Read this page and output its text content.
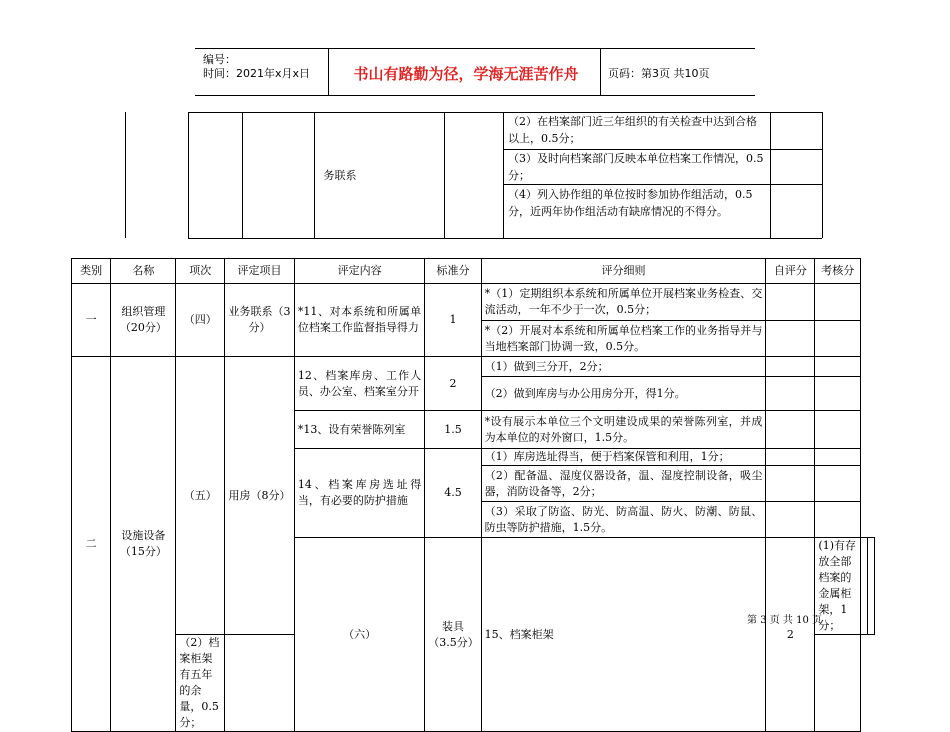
编号：
时间：2021年x月x日	书山有路勤为径，学海无涯苦作舟	页码：第3页 共10页
务联系
（2）在档案部门近三年组织的有关检查中达到合格以上，0.5分；
（3）及时向档案部门反映本单位档案工作情况，0.5分；
（4）列入协作组的单位按时参加协作组活动，0.5分，近两年协作组活动有缺席情况的不得分。
类别	名称	项次	评定项目	评定内容	标准分	评分细则	自评分	考核分		
一	组织管理（20分）	（四）	业务联系（3分）	*11、对本系统和所属单位档案工作监督指导得力	1	*（1）定期组织本系统和所属单位开展档案业务检查、交流活动，一年不少于一次，0.5分；				
						*（2）开展对本系统和所属单位档案工作的业务指导并与当地档案部门协调一致，0.5分。				
二	设施设备（15分）	（五）	用房（8分）	12、档案库房、工作人员、办公室、档案室分开	2	（1）做到三分开，2分；				
						（2）做到库房与办公用房分开，得1分。				
				*13、设有荣誉陈列室	1.5	*设有展示本单位三个文明建设成果的荣誉陈列室，并成为本单位的对外窗口，1.5分。				
				14、档案库房选址得当，有必要的防护措施	4.5	（1）库房选址得当，便于档案保管和利用，1分；				
						（2）配备温、湿度仪器设备，温、湿度控制设备，吸尘器，消防设备等，2分；				
						（3）采取了防盗、防光、防高温、防火、防潮、防鼠、防虫等防护措施，1.5分。				
				（六）	装具（3.5分）	15、档案柜架	2	(1)有存放全部档案的金属柜架，1分；		
		（2）档案柜架有五年的余量，0.5分；								
第 3 页 共 10 页
